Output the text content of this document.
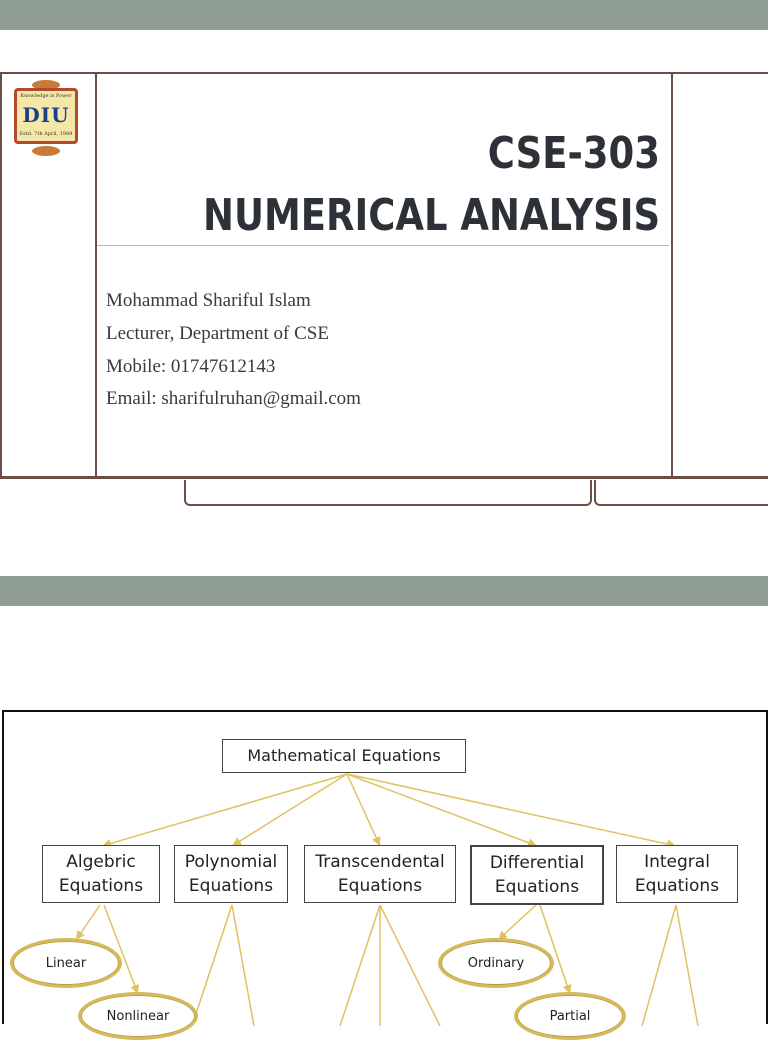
Knowledge is Power
DIU
Estd. 7th April, 1989	CSE-303
NUMERICAL ANALYSIS
Mohammad Shariful Islam
Lecturer, Department of CSE
Mobile: 01747612143
Email: sharifulruhan@gmail.com
Mathematical Equations
Algebric
Equations
Polynomial
Equations
Transcendental
Equations
Differential
Equations
Integral
Equations
Linear
Nonlinear
Ordinary
Partial
